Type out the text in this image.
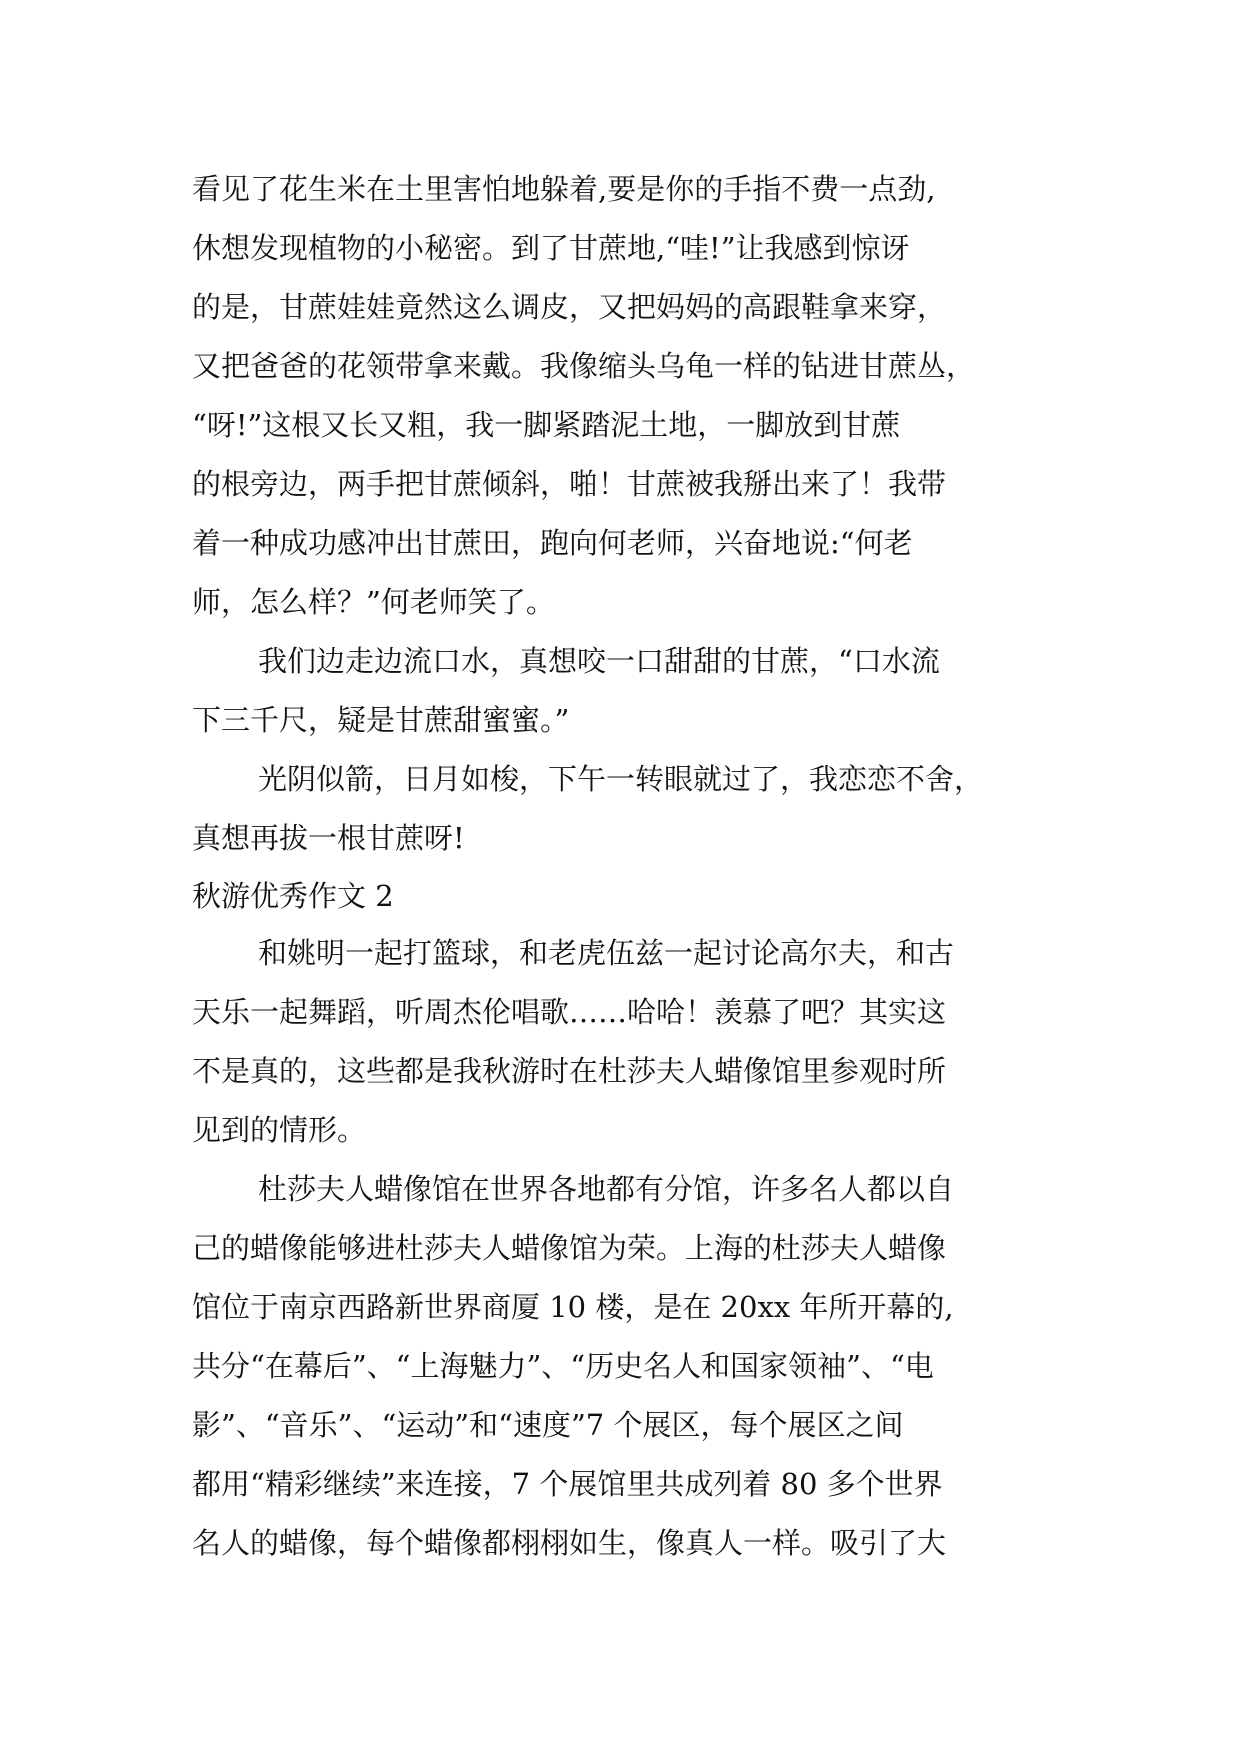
看见了花生米在土里害怕地躲着,要是你的手指不费一点劲,
休想发现植物的小秘密。到了甘蔗地,“哇!”让我感到惊讶
的是，甘蔗娃娃竟然这么调皮，又把妈妈的高跟鞋拿来穿，
又把爸爸的花领带拿来戴。我像缩头乌龟一样的钻进甘蔗丛，
“呀!”这根又长又粗，我一脚紧踏泥土地，一脚放到甘蔗
的根旁边，两手把甘蔗倾斜，啪！甘蔗被我掰出来了！我带
着一种成功感冲出甘蔗田，跑向何老师，兴奋地说:“何老
师，怎么样？”何老师笑了。
我们边走边流口水，真想咬一口甜甜的甘蔗，“口水流
下三千尺，疑是甘蔗甜蜜蜜。”
光阴似箭，日月如梭，下午一转眼就过了，我恋恋不舍，
真想再拔一根甘蔗呀!
秋游优秀作文 2
和姚明一起打篮球，和老虎伍兹一起讨论高尔夫，和古
天乐一起舞蹈，听周杰伦唱歌……哈哈！羡慕了吧？其实这
不是真的，这些都是我秋游时在杜莎夫人蜡像馆里参观时所
见到的情形。
杜莎夫人蜡像馆在世界各地都有分馆，许多名人都以自
己的蜡像能够进杜莎夫人蜡像馆为荣。上海的杜莎夫人蜡像
馆位于南京西路新世界商厦 10 楼，是在 20xx 年所开幕的,
共分“在幕后”、“上海魅力”、“历史名人和国家领袖”、“电
影”、“音乐”、“运动”和“速度”7 个展区，每个展区之间
都用“精彩继续”来连接，7 个展馆里共成列着 80 多个世界
名人的蜡像，每个蜡像都栩栩如生，像真人一样。吸引了大
